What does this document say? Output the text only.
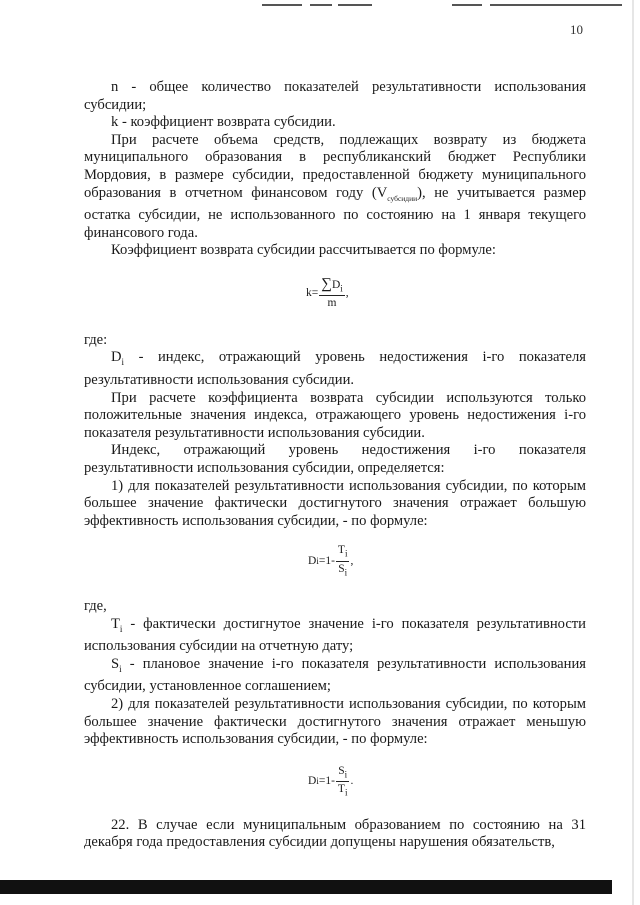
10

n - общее количество показателей результативности использования субсидии;

k - коэффициент возврата субсидии.

При расчете объема средств, подлежащих возврату из бюджета муниципального образования в республиканский бюджет Республики Мордовия, в размере субсидии, предоставленной бюджету муниципального образования в отчетном финансовом году $(V_{субсидии})$, не учитывается размер остатка субсидии, не использованного по состоянию на 1 января текущего финансового года.

Коэффициент возврата субсидии рассчитывается по формуле:

$k= \frac{\sum D_i}{m}$ ,

где:

$D_i$ - индекс, отражающий уровень недостижения i-го показателя результативности использования субсидии.

При расчете коэффициента возврата субсидии используются только положительные значения индекса, отражающего уровень недостижения i-го показателя результативности использования субсидии.

Индекс, отражающий уровень недостижения i-го показателя результативности использования субсидии, определяется:

1) для показателей результативности использования субсидии, по которым большее значение фактически достигнутого значения отражает большую эффективность использования субсидии, - по формуле:

D $i =1- \frac{T_i}{S_i}$ ,

где,

$T_i$ - фактически достигнутое значение i-го показателя результативности использования субсидии на отчетную дату;

$S_i$ - плановое значение i-го показателя результативности использования субсидии, установленное соглашением;

2) для показателей результативности использования субсидии, по которым большее значение фактически достигнутого значения отражает меньшую эффективность использования субсидии, - по формуле:

D $i =1- \frac{S_i}{T_i}$ .

22. В случае если муниципальным образованием по состоянию на 31 декабря года предоставления субсидии допущены нарушения обязательств,
